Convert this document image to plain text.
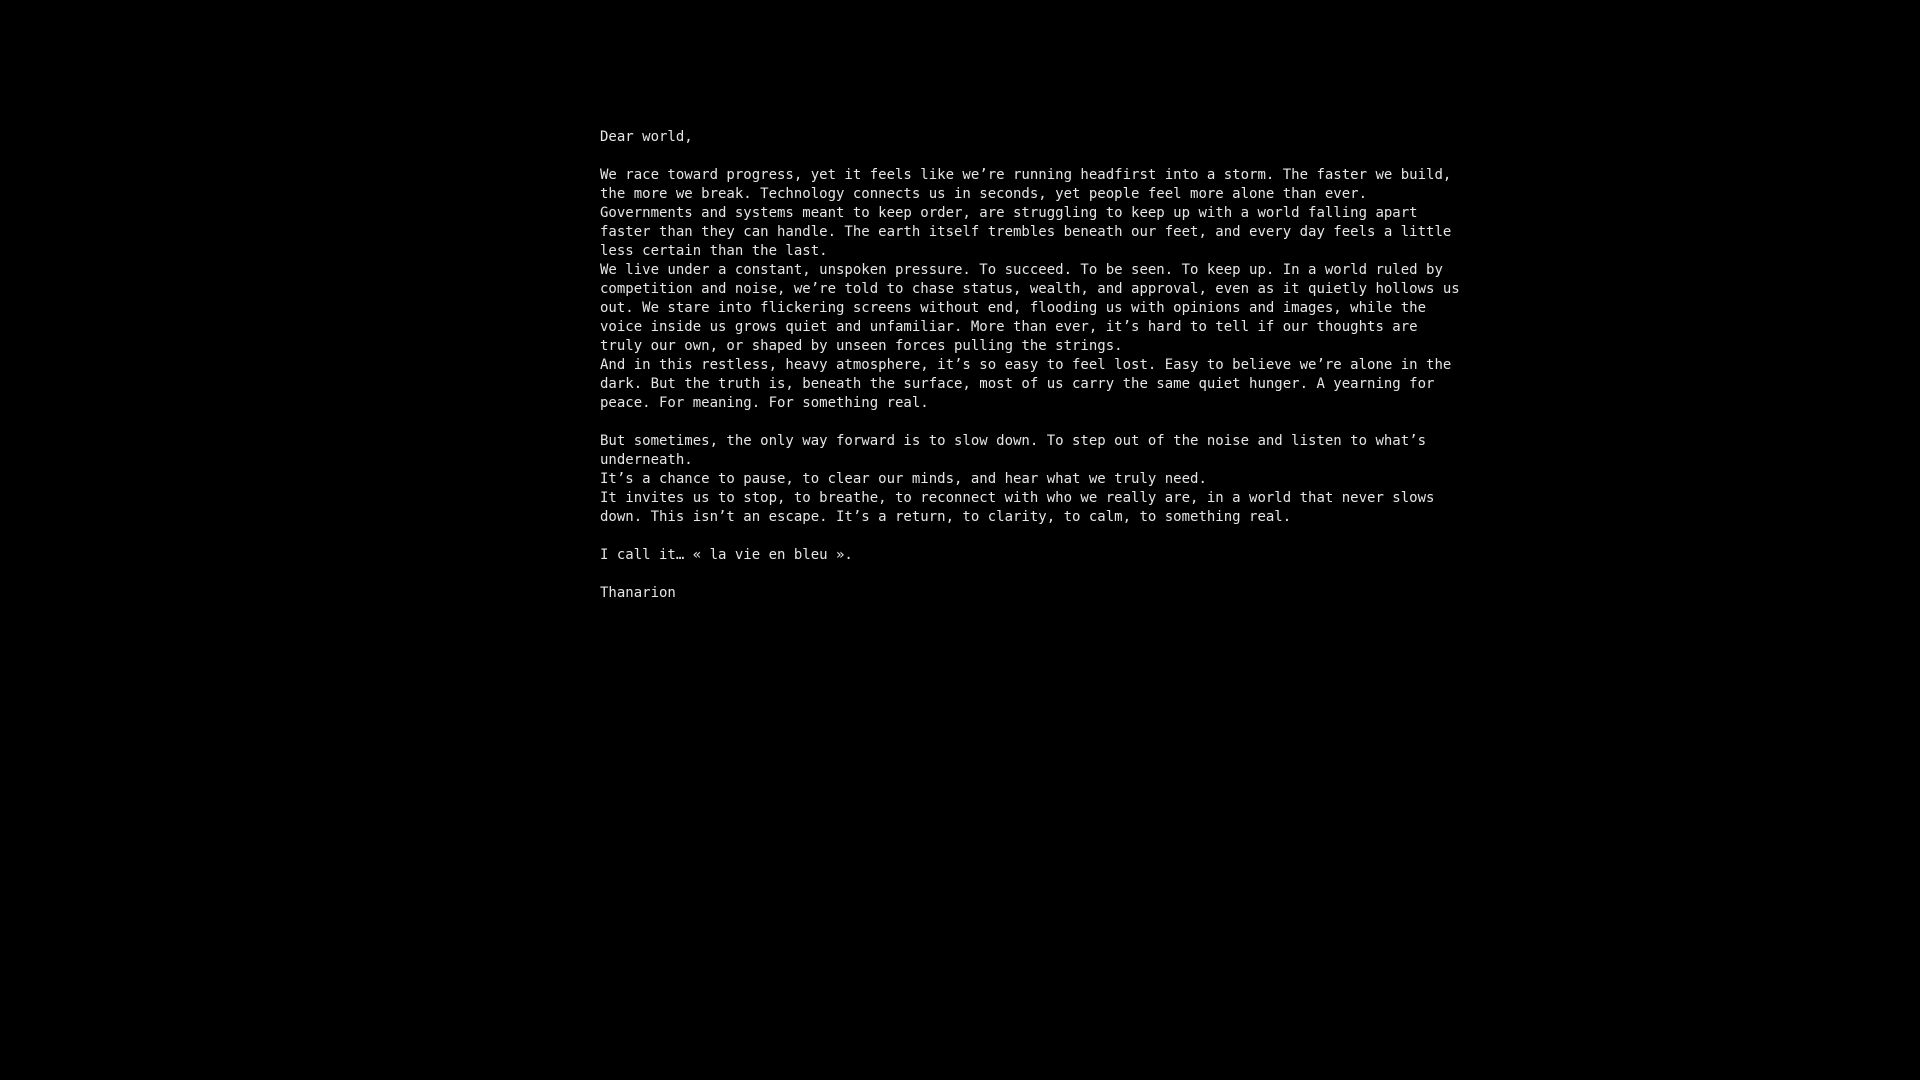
Dear world,
We race toward progress, yet it feels like we’re running headfirst into a storm. The faster we build,
the more we break. Technology connects us in seconds, yet people feel more alone than ever.
Governments and systems meant to keep order, are struggling to keep up with a world falling apart
faster than they can handle. The earth itself trembles beneath our feet, and every day feels a little
less certain than the last.
We live under a constant, unspoken pressure. To succeed. To be seen. To keep up. In a world ruled by
competition and noise, we’re told to chase status, wealth, and approval, even as it quietly hollows us
out. We stare into flickering screens without end, flooding us with opinions and images, while the
voice inside us grows quiet and unfamiliar. More than ever, it’s hard to tell if our thoughts are
truly our own, or shaped by unseen forces pulling the strings.
And in this restless, heavy atmosphere, it’s so easy to feel lost. Easy to believe we’re alone in the
dark. But the truth is, beneath the surface, most of us carry the same quiet hunger. A yearning for
peace. For meaning. For something real.
But sometimes, the only way forward is to slow down. To step out of the noise and listen to what’s
underneath.
It’s a chance to pause, to clear our minds, and hear what we truly need.
It invites us to stop, to breathe, to reconnect with who we really are, in a world that never slows
down. This isn’t an escape. It’s a return, to clarity, to calm, to something real.
I call it… « la vie en bleu ».
Thanarion
